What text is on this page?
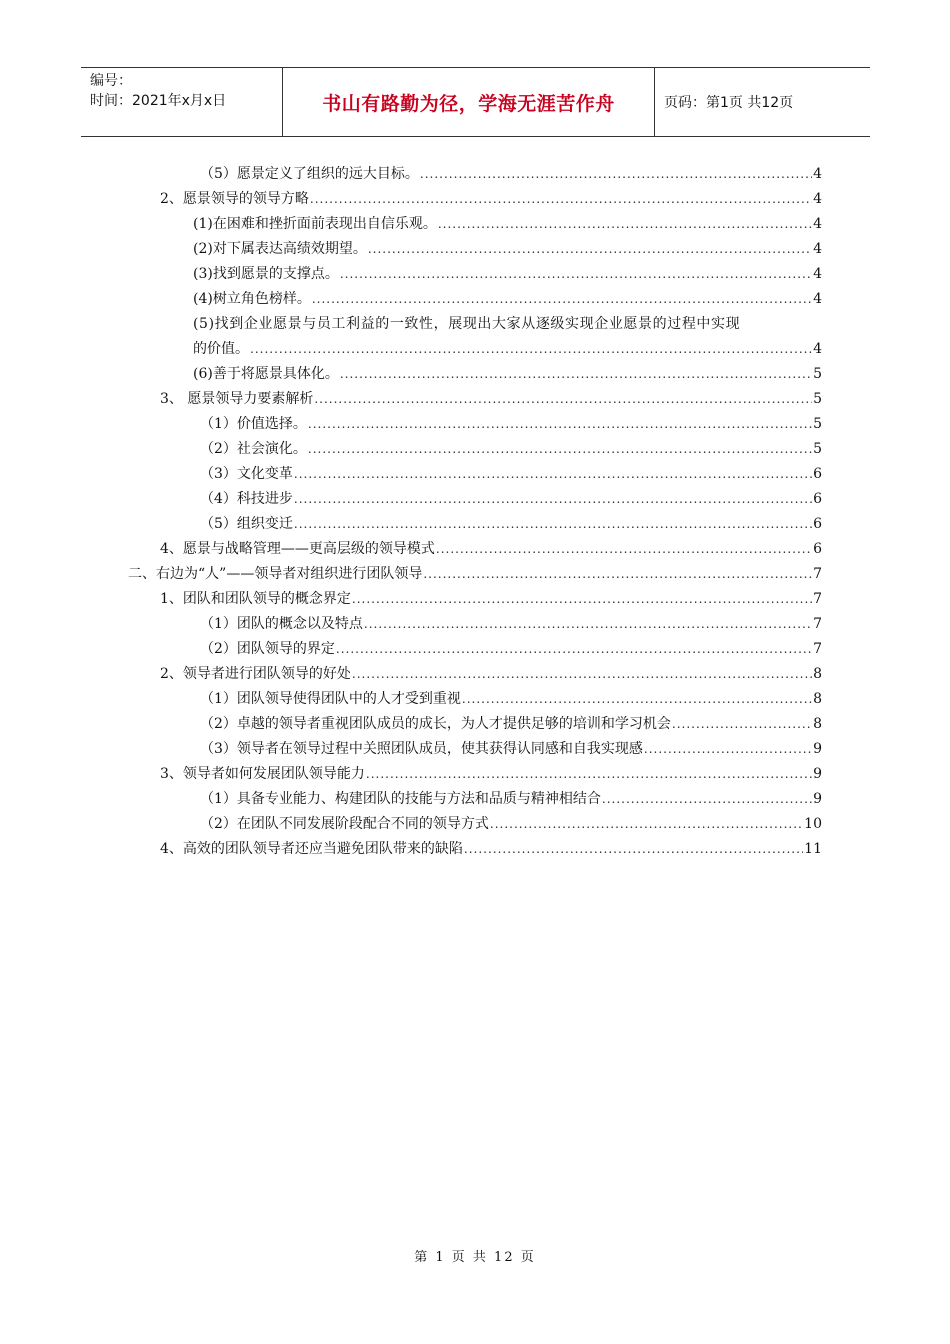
编号：
时间：2021年x月x日	书山有路勤为径，学海无涯苦作舟	页码：第1页 共12页
（5）愿景定义了组织的远大目标。 .....	4
2、愿景领导的领导方略 .....	4
(1)在困难和挫折面前表现出自信乐观。 .....	4
(2)对下属表达高绩效期望。 .....	4
(3)找到愿景的支撑点。 .....	4
(4)树立角色榜样。 .....	4
(5)找到企业愿景与员工利益的一致性，展现出大家从逐级实现企业愿景的过程中实现
的价值。 .....	4
(6)善于将愿景具体化。 .....	5
3、 愿景领导力要素解析 .....	5
（1）价值选择。 .....	5
（2）社会演化。 .....	5
（3）文化变革 .....	6
（4）科技进步 .....	6
（5）组织变迁 .....	6
4、愿景与战略管理——更高层级的领导模式 .....	6
二、右边为“人”——领导者对组织进行团队领导 .....	7
1、团队和团队领导的概念界定 .....	7
（1）团队的概念以及特点 .....	7
（2）团队领导的界定 .....	7
2、领导者进行团队领导的好处 .....	8
（1）团队领导使得团队中的人才受到重视 .....	8
（2）卓越的领导者重视团队成员的成长，为人才提供足够的培训和学习机会 .....	8
（3）领导者在领导过程中关照团队成员，使其获得认同感和自我实现感 .....	9
3、领导者如何发展团队领导能力 .....	9
（1）具备专业能力、构建团队的技能与方法和品质与精神相结合 .....	9
（2）在团队不同发展阶段配合不同的领导方式 .....	10
4、高效的团队领导者还应当避免团队带来的缺陷 .....	11
第 1 页 共 12 页
